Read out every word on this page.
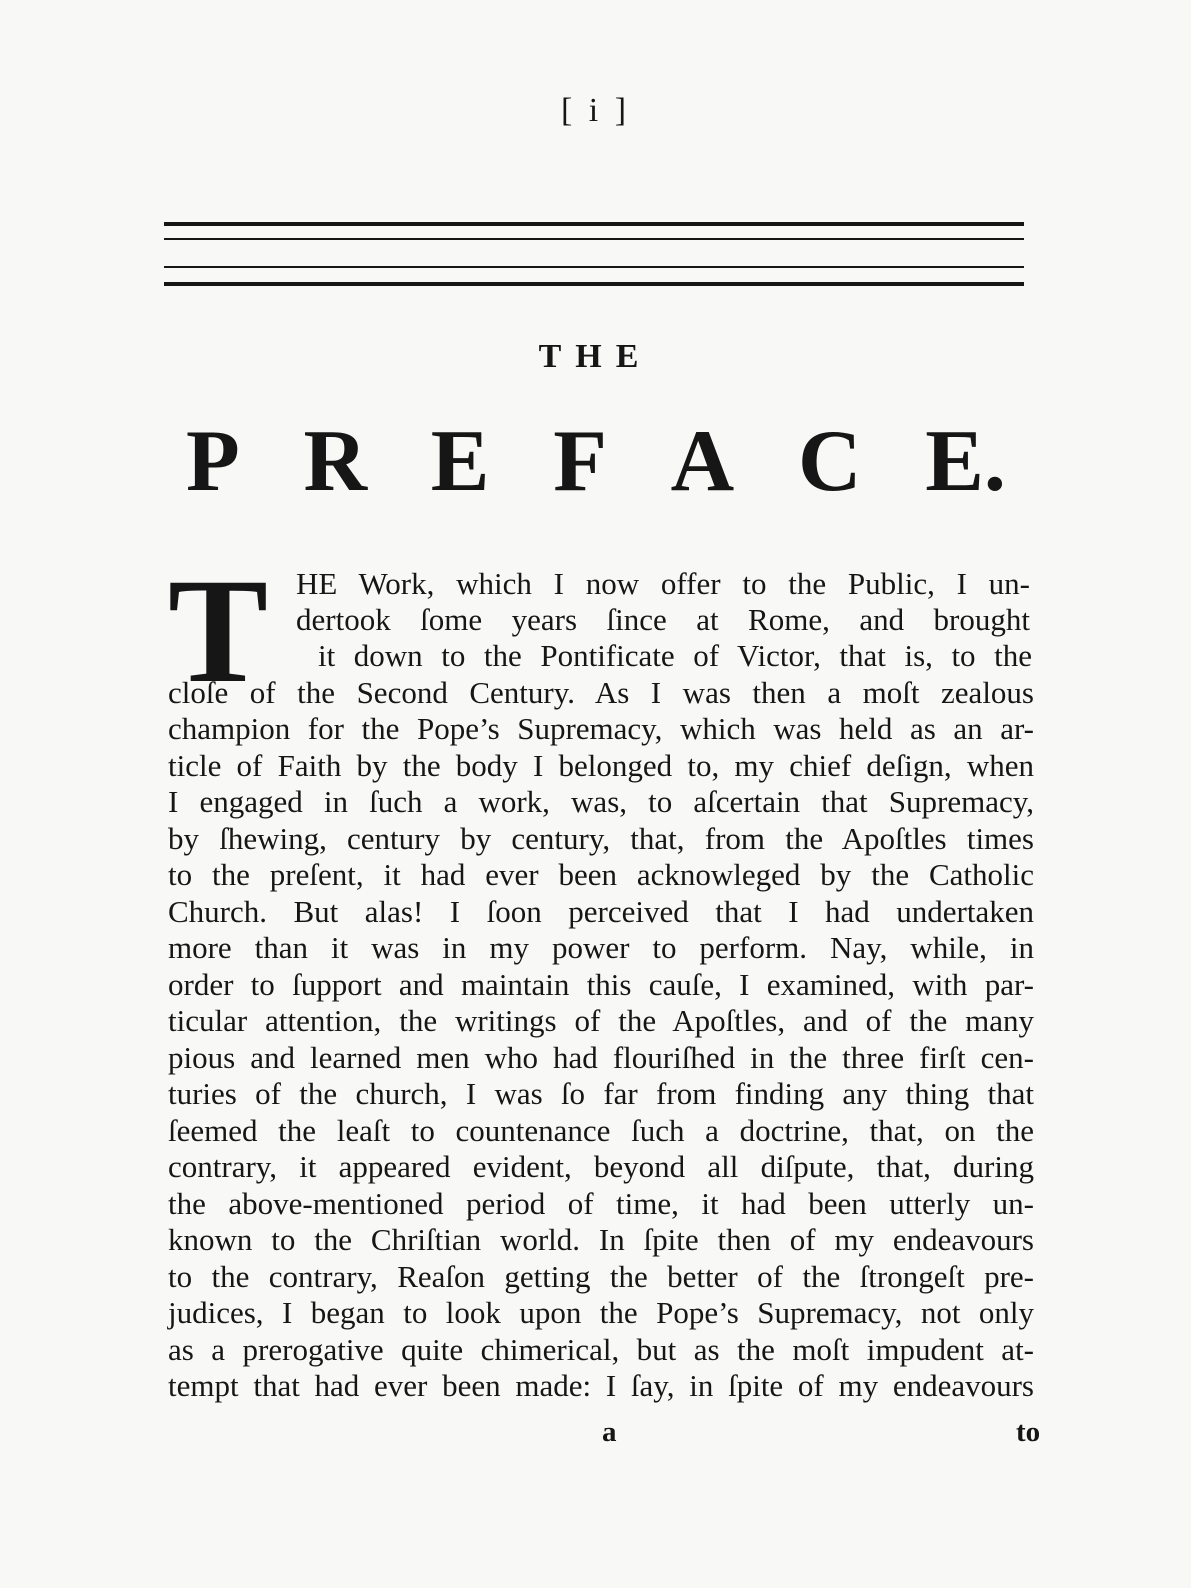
[ i ]
THE
P R E F A C E.
T HE Work, which I now offer to the Public, I un-
dertook ſome years ſince at Rome, and brought
it down to the Pontificate of Victor, that is, to the
cloſe of the Second Century. As I was then a moſt zealous
champion for the Pope’s Supremacy, which was held as an ar-
ticle of Faith by the body I belonged to, my chief deſign, when
I engaged in ſuch a work, was, to aſcertain that Supremacy,
by ſhewing, century by century, that, from the Apoſtles times
to the preſent, it had ever been acknowleged by the Catholic
Church. But alas! I ſoon perceived that I had undertaken
more than it was in my power to perform. Nay, while, in
order to ſupport and maintain this cauſe, I examined, with par-
ticular attention, the writings of the Apoſtles, and of the many
pious and learned men who had flouriſhed in the three firſt cen-
turies of the church, I was ſo far from finding any thing that
ſeemed the leaſt to countenance ſuch a doctrine, that, on the
contrary, it appeared evident, beyond all diſpute, that, during
the above-mentioned period of time, it had been utterly un-
known to the Chriſtian world. In ſpite then of my endeavours
to the contrary, Reaſon getting the better of the ſtrongeſt pre-
judices, I began to look upon the Pope’s Supremacy, not only
as a prerogative quite chimerical, but as the moſt impudent at-
tempt that had ever been made: I ſay, in ſpite of my endeavours
a	to
